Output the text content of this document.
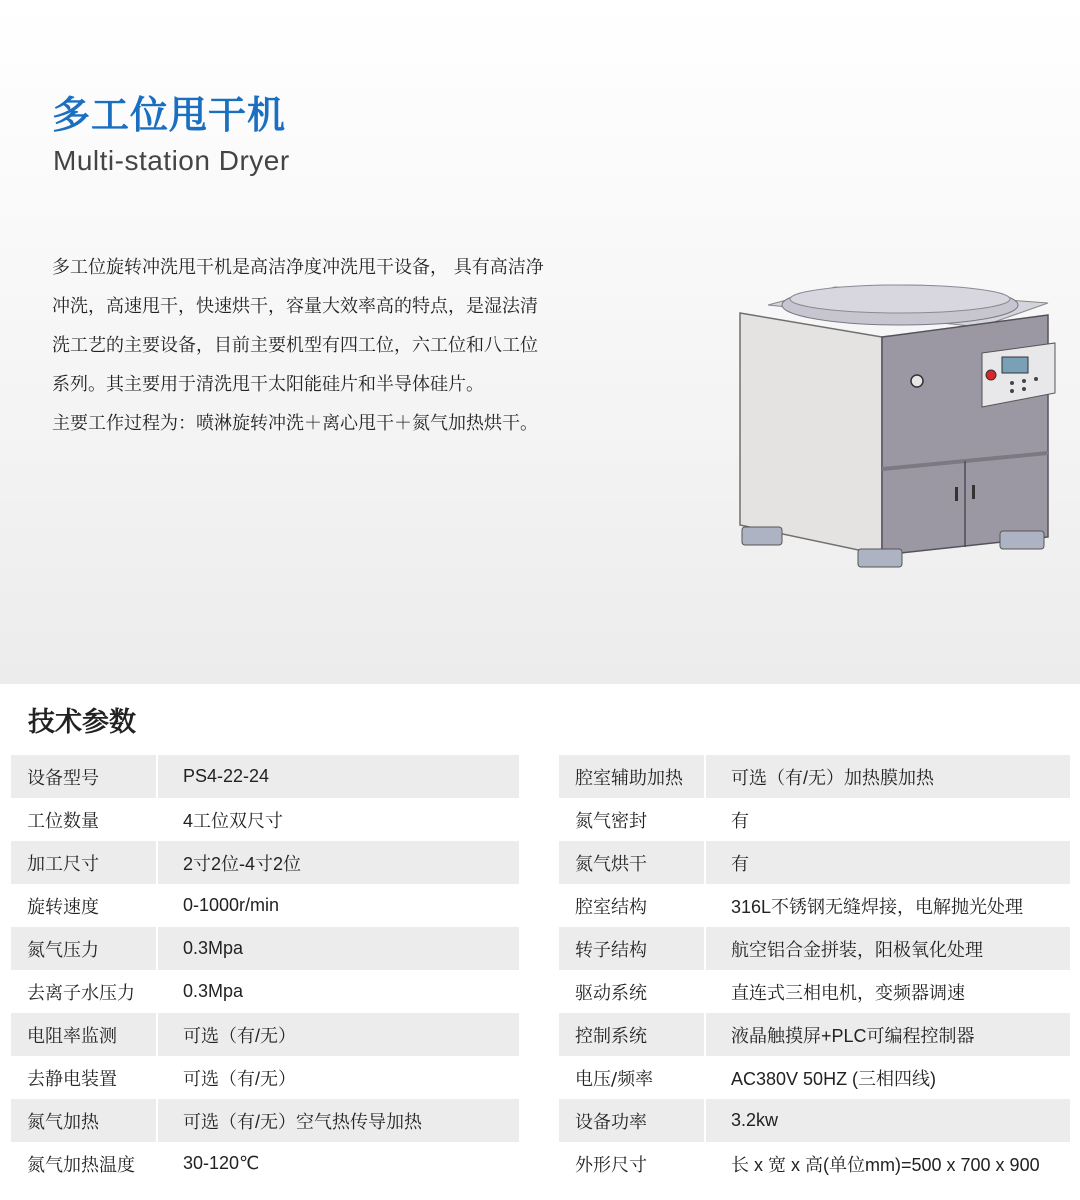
多工位甩干机
Multi-station Dryer

多工位旋转冲洗甩干机是高洁净度冲洗甩干设备， 具有高洁净

冲洗，高速甩干，快速烘干，容量大效率高的特点，是湿法清

洗工艺的主要设备，目前主要机型有四工位，六工位和八工位

系列。其主要用于清洗甩干太阳能硅片和半导体硅片。

主要工作过程为：喷淋旋转冲洗＋离心甩干＋氮气加热烘干。

技术参数
设备型号	PS4-22-24
工位数量	4工位双尺寸
加工尺寸	2寸2位-4寸2位
旋转速度	0-1000r/min
氮气压力	0.3Mpa
去离子水压力	0.3Mpa
电阻率监测	可选（有/无）
去静电装置	可选（有/无）
氮气加热	可选（有/无）空气热传导加热
氮气加热温度	30-120℃
腔室辅助加热	可选（有/无）加热膜加热
氮气密封	有
氮气烘干	有
腔室结构	316L不锈钢无缝焊接，电解抛光处理
转子结构	航空铝合金拼装，阳极氧化处理
驱动系统	直连式三相电机，变频器调速
控制系统	液晶触摸屏+PLC可编程控制器
电压/频率	AC380V 50HZ (三相四线)
设备功率	3.2kw
外形尺寸	长 x 宽 x 高(单位mm)=500 x 700 x 900
